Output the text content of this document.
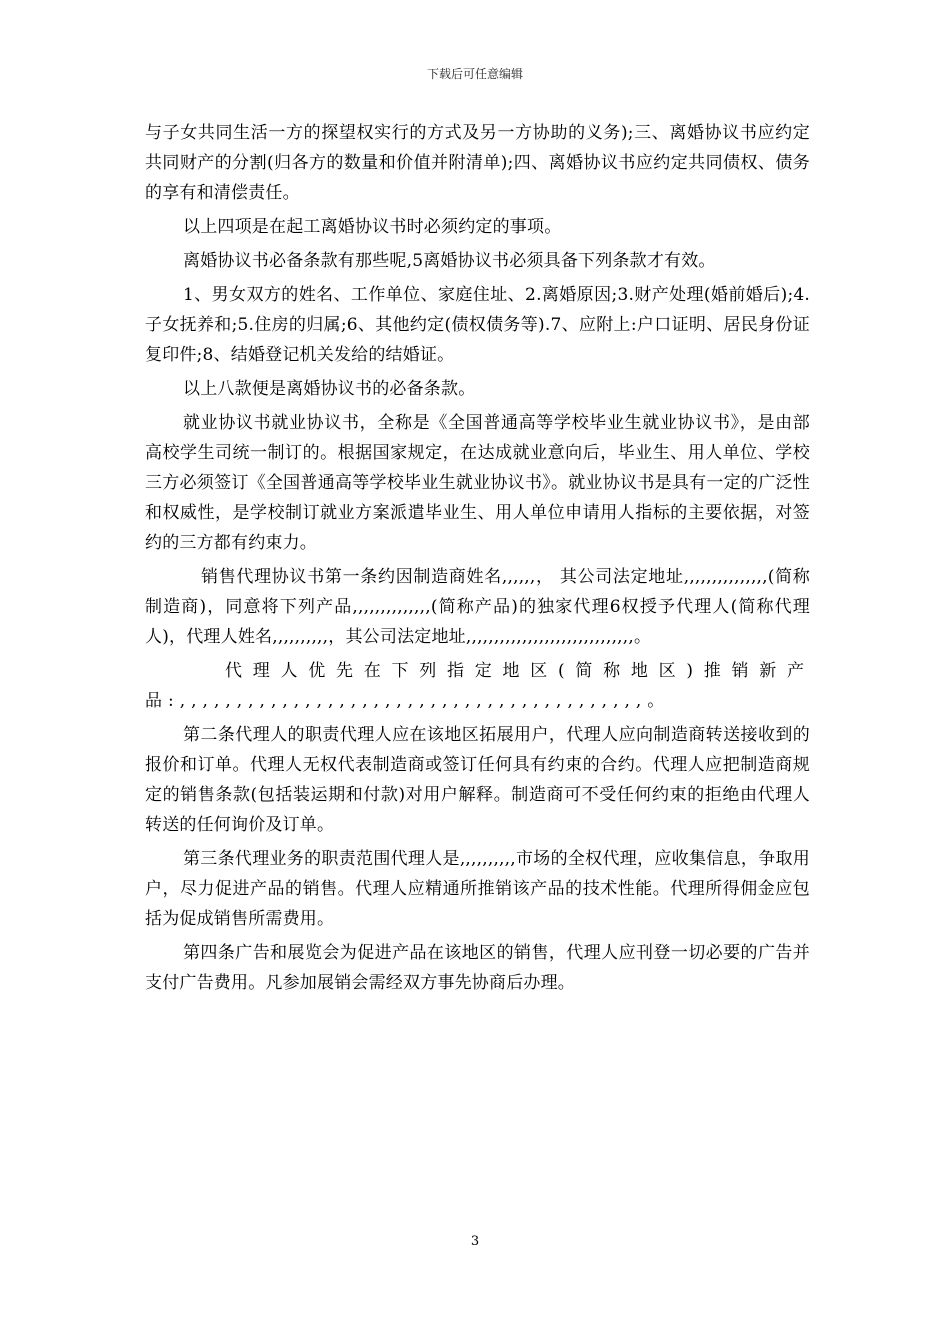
下载后可任意编辑

与子女共同生活一方的探望权实行的方式及另一方协助的义务);三、离婚协议书应约定共同财产的分割(归各方的数量和价值并附清单);四、离婚协议书应约定共同债权、债务的享有和清偿责任。

以上四项是在起工离婚协议书时必须约定的事项。

离婚协议书必备条款有那些呢,5离婚协议书必须具备下列条款才有效。

1、男女双方的姓名、工作单位、家庭住址、2.离婚原因;3.财产处理(婚前婚后);4.子女抚养和;5.住房的归属;6、其他约定(债权债务等).7、应附上:户口证明、居民身份证复印件;8、结婚登记机关发给的结婚证。

以上八款便是离婚协议书的必备条款。

就业协议书就业协议书，全称是《全国普通高等学校毕业生就业协议书》，是由部高校学生司统一制订的。根据国家规定，在达成就业意向后，毕业生、用人单位、学校三方必须签订《全国普通高等学校毕业生就业协议书》。就业协议书是具有一定的广泛性和权威性，是学校制订就业方案派遣毕业生、用人单位申请用人指标的主要依据，对签约的三方都有约束力。

销售代理协议书第一条约因制造商姓名,,,,,,， 其公司法定地址,,,,,,,,,,,,,,,(简称制造商)，同意将下列产品,,,,,,,,,,,,,,(简称产品)的独家代理6权授予代理人(简称代理人)，代理人姓名,,,,,,,,,,，其公司法定地址,,,,,,,,,,,,,,,,,,,,,,,,,,,,,,。

代理人优先在下列指定地区(简称地区)推销新产品:,,,,,,,,,,,,,,,,,,,,,,,,,,,,,,,,,,,,,,,,,。

第二条代理人的职责代理人应在该地区拓展用户，代理人应向制造商转送接收到的报价和订单。代理人无权代表制造商或签订任何具有约束的合约。代理人应把制造商规定的销售条款(包括装运期和付款)对用户解释。制造商可不受任何约束的拒绝由代理人转送的任何询价及订单。

第三条代理业务的职责范围代理人是,,,,,,,,,,市场的全权代理，应收集信息，争取用户，尽力促进产品的销售。代理人应精通所推销该产品的技术性能。代理所得佣金应包括为促成销售所需费用。

第四条广告和展览会为促进产品在该地区的销售，代理人应刊登一切必要的广告并支付广告费用。凡参加展销会需经双方事先协商后办理。

3
